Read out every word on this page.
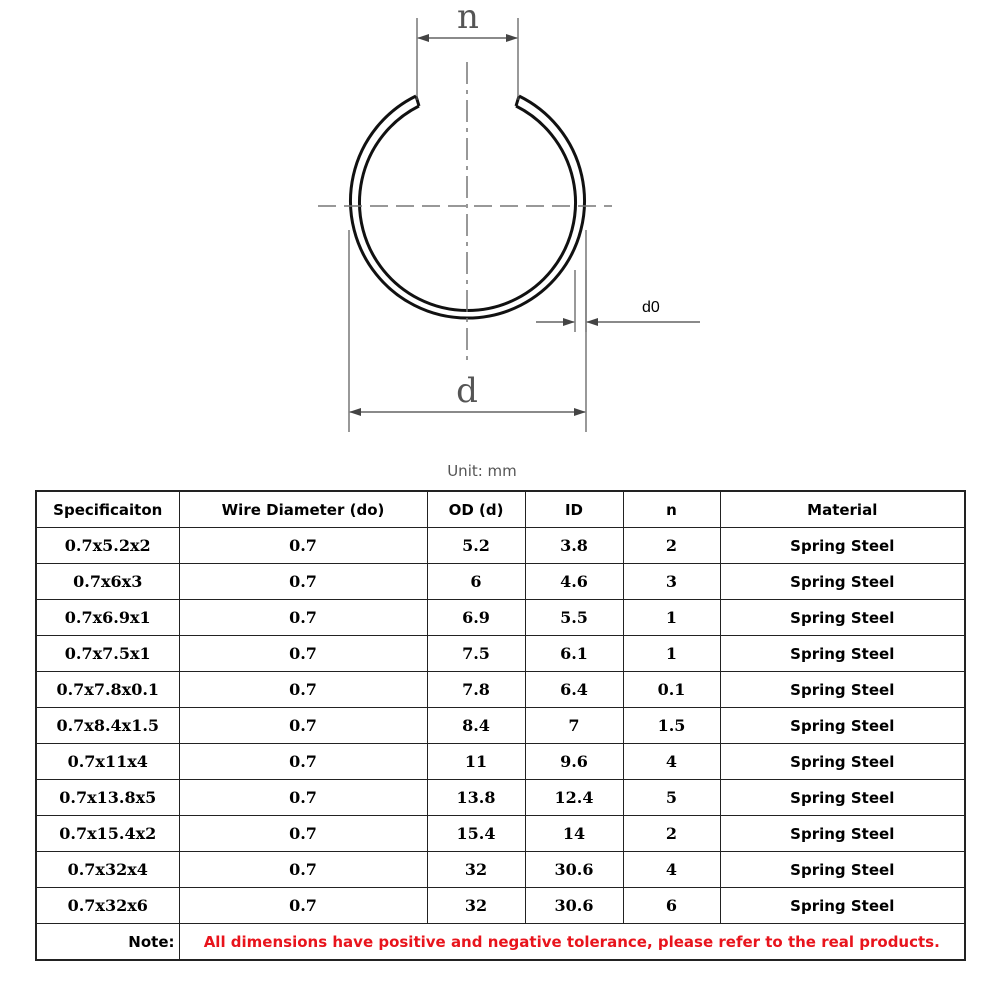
n
d
d0
Unit: mm
Specificaiton	Wire Diameter (do)	OD (d)	ID	n	Material
0.7x5.2x2	0.7	5.2	3.8	2	Spring Steel
0.7x6x3	0.7	6	4.6	3	Spring Steel
0.7x6.9x1	0.7	6.9	5.5	1	Spring Steel
0.7x7.5x1	0.7	7.5	6.1	1	Spring Steel
0.7x7.8x0.1	0.7	7.8	6.4	0.1	Spring Steel
0.7x8.4x1.5	0.7	8.4	7	1.5	Spring Steel
0.7x11x4	0.7	11	9.6	4	Spring Steel
0.7x13.8x5	0.7	13.8	12.4	5	Spring Steel
0.7x15.4x2	0.7	15.4	14	2	Spring Steel
0.7x32x4	0.7	32	30.6	4	Spring Steel
0.7x32x6	0.7	32	30.6	6	Spring Steel
Note:	All dimensions have positive and negative tolerance, please refer to the real products.				
